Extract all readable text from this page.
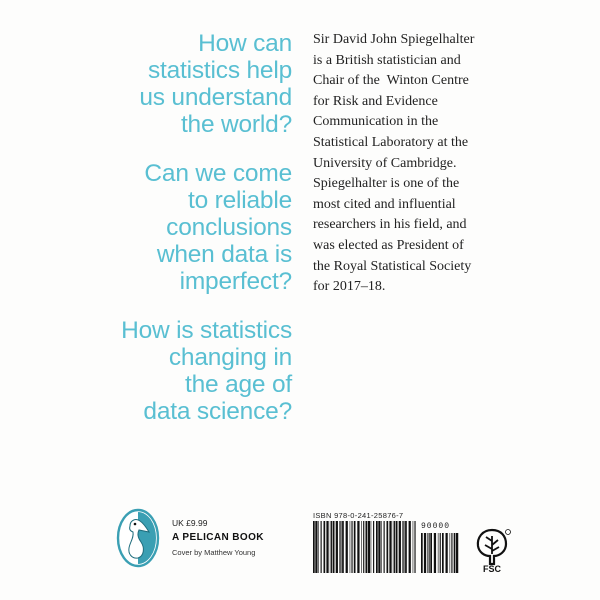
How can
statistics help
us understand
the world?

Can we come
to reliable
conclusions
when data is
imperfect?

How is statistics
changing in
the age of
data science?

Sir David John Spiegelhalter
is a British statistician and
Chair of the  Winton Centre
for Risk and Evidence
Communication in the
Statistical Laboratory at the
University of Cambridge.
Spiegelhalter is one of the
most cited and influential
researchers in his field, and
was elected as President of
the Royal Statistical Society
for 2017–18.
UK £9.99
A PELICAN BOOK
Cover by Matthew Young
ISBN 978-0-241-25876-7
90000
FSC
